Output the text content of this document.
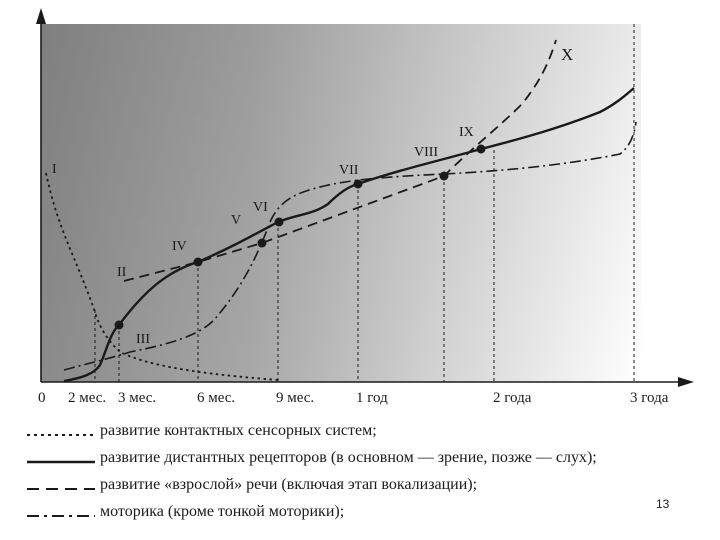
0 2 мес. 3 мес.	6 мес.	9 мес.	1 год	2 года	3 года
I
II
III
IV
V
VI
VII
VIII
IX
X
развитие контактных сенсорных систем;
развитие дистантных рецепторов (в основном — зрение, позже — слух);
развитие «взрослой» речи (включая этап вокализации);
моторика (кроме тонкой моторики);	13
